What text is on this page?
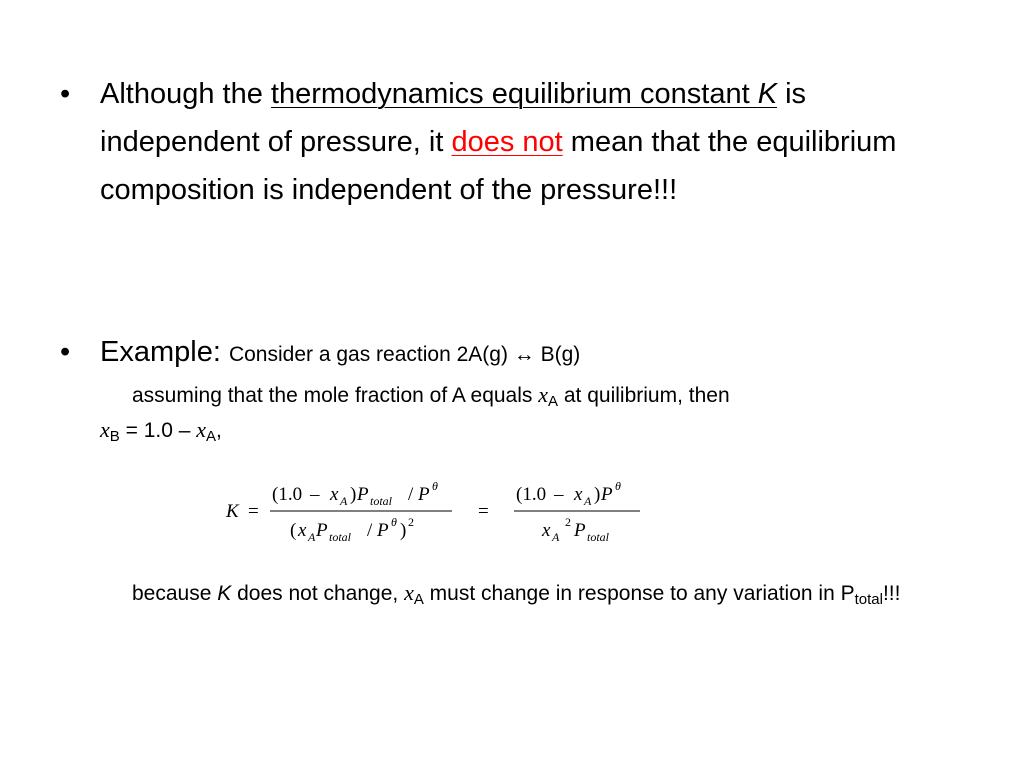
• Although the thermodynamics equilibrium constant K is independent of pressure, it does not mean that the equilibrium composition is independent of the pressure!!!
• Example: Consider a gas reaction 2A(g) ↔ B(g)
assuming that the mole fraction of A equals $x_A$ at quilibrium, then
$x_B = 1.0 - x_A$,
K =
(1.0 – x A ) P total / P θ
( x A P total / P θ ) 2	=
(1.0 – x A ) P θ
x A
2 P total
because K does not change, $x_A$ must change in response to any variation in $P_{total}$!!!
